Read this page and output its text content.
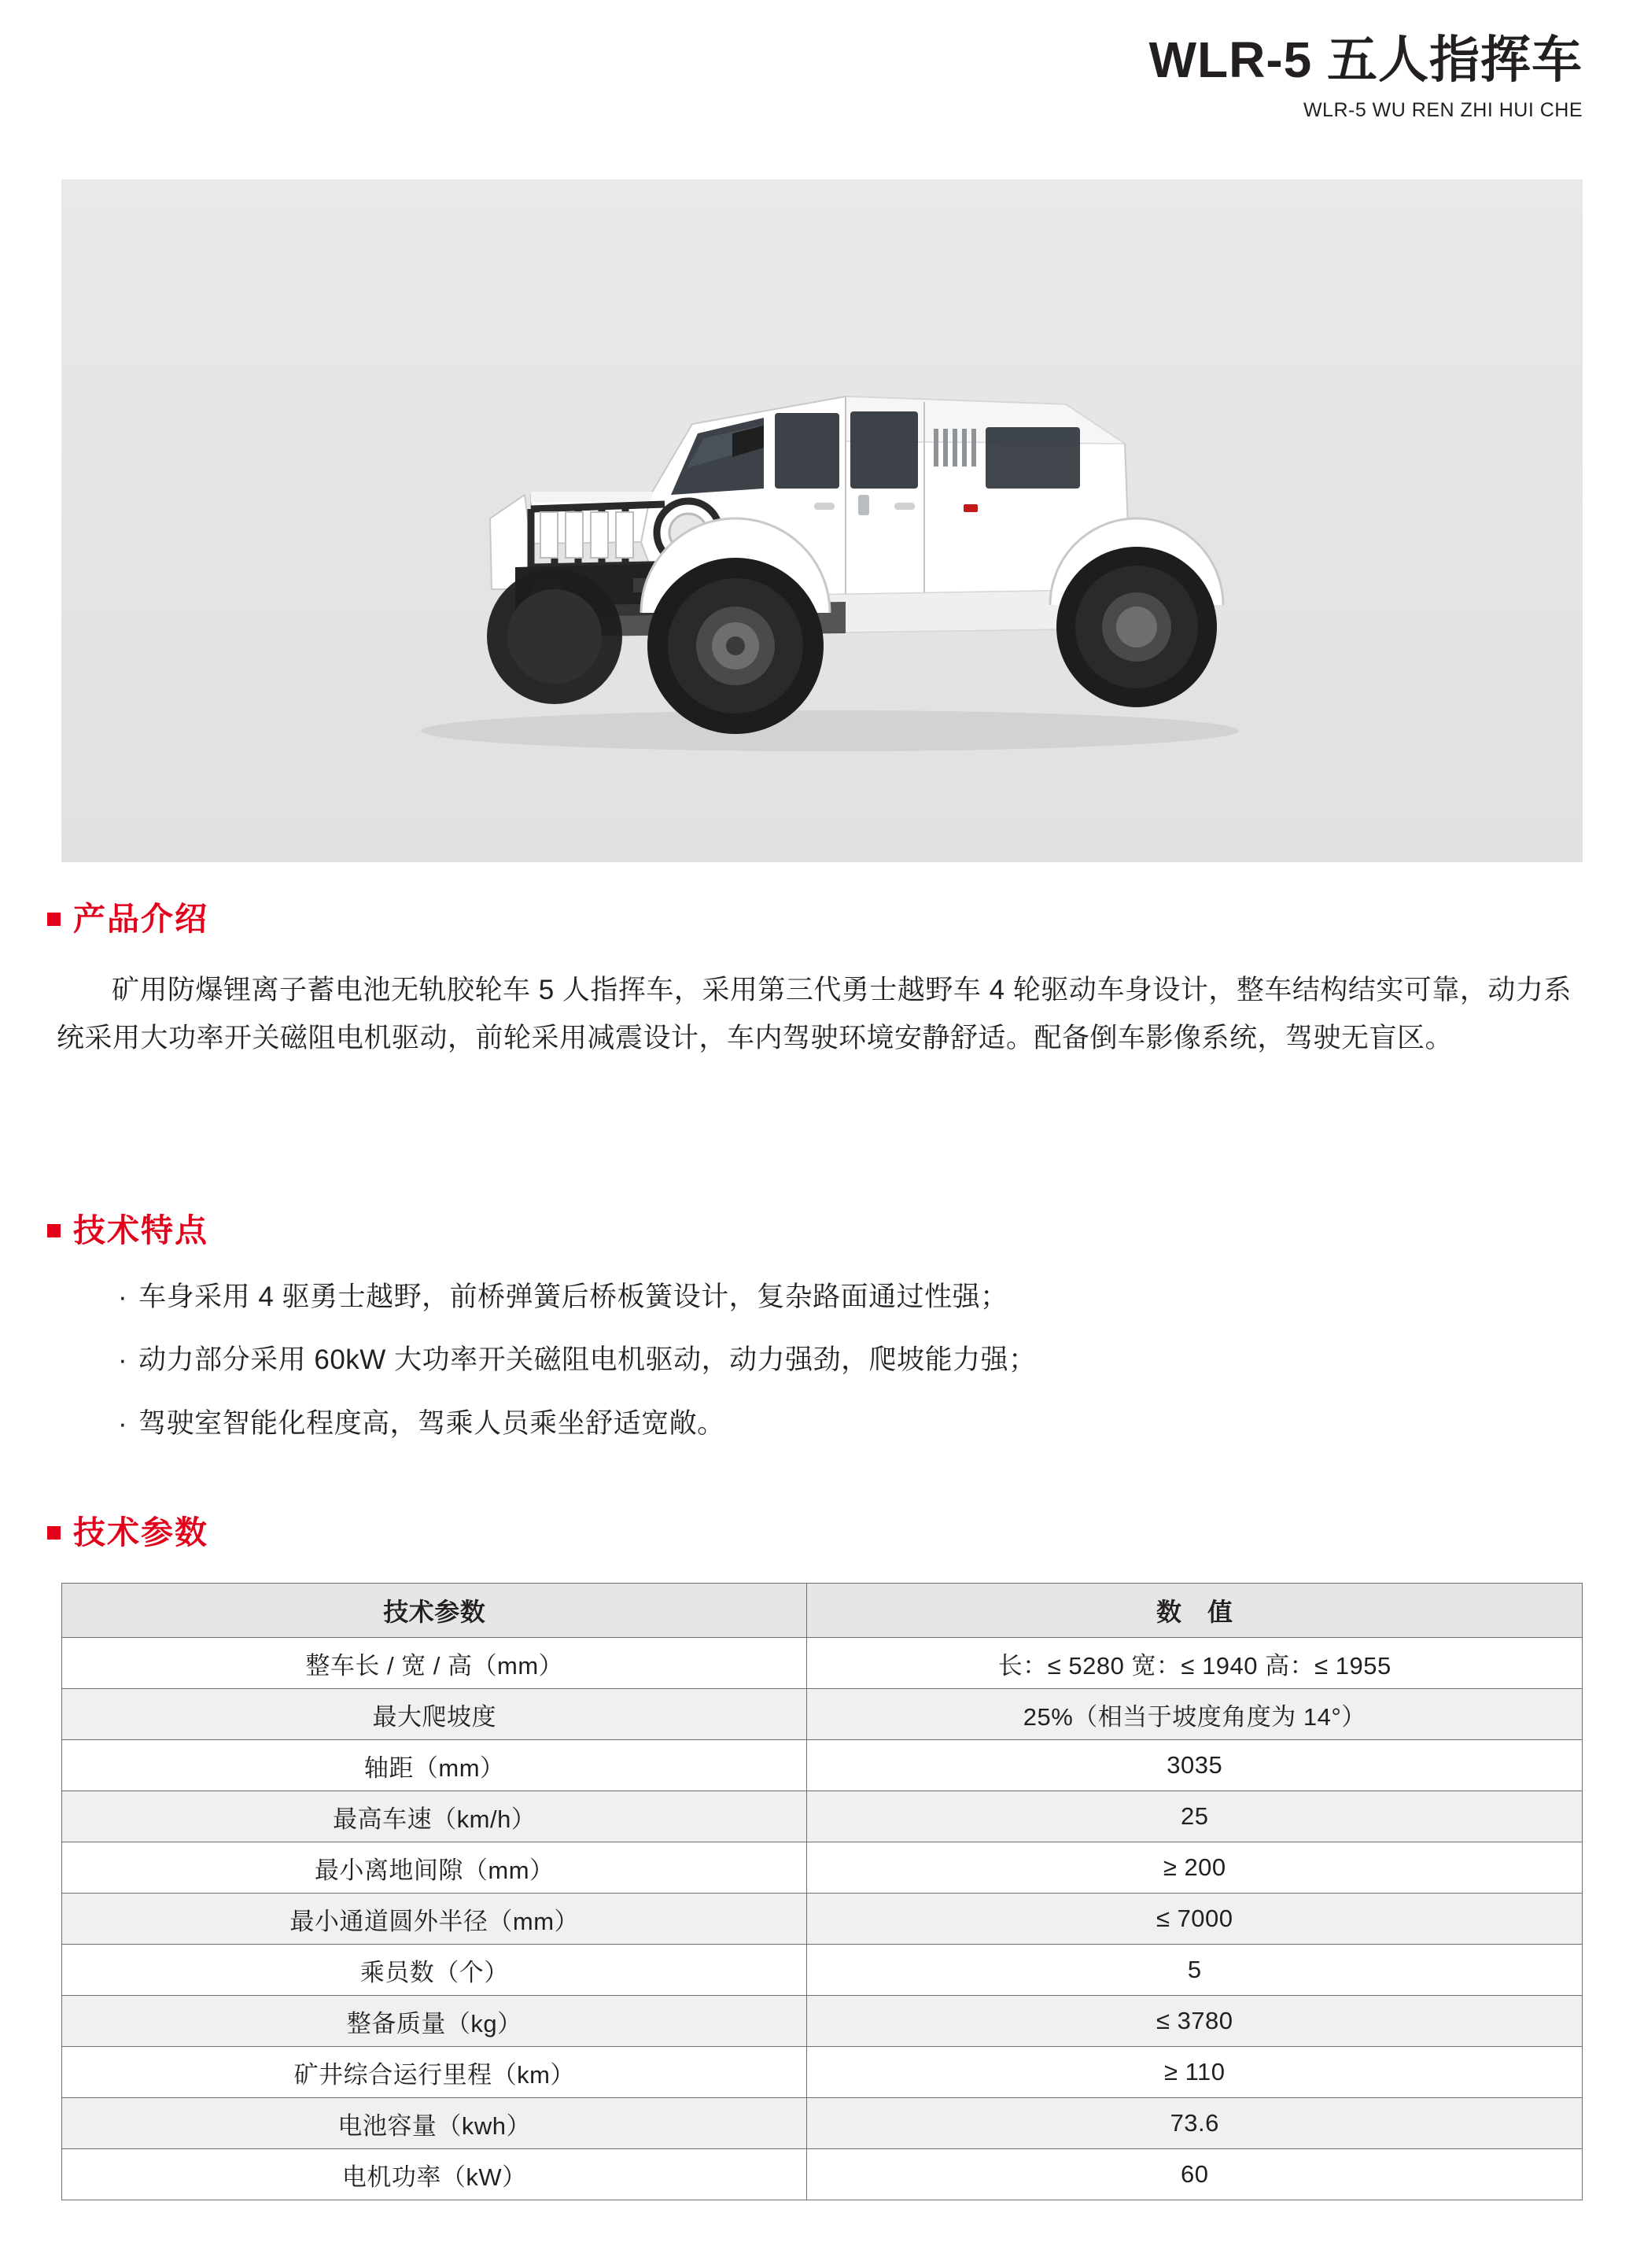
WLR-5 五人指挥车
WLR-5 WU REN ZHI HUI CHE
产品介绍
矿用防爆锂离子蓄电池无轨胶轮车 5 人指挥车，采用第三代勇士越野车 4 轮驱动车身设计，整车结构结实可靠，动力系统采用大功率开关磁阻电机驱动，前轮采用减震设计，车内驾驶环境安静舒适。配备倒车影像系统，驾驶无盲区。
技术特点
· 车身采用 4 驱勇士越野，前桥弹簧后桥板簧设计，复杂路面通过性强；
· 动力部分采用 60kW 大功率开关磁阻电机驱动，动力强劲，爬坡能力强；
· 驾驶室智能化程度高，驾乘人员乘坐舒适宽敞。
技术参数
技术参数	数　值
整车长 / 宽 / 高（mm）	长：≤ 5280 宽：≤ 1940 高：≤ 1955
最大爬坡度	25%（相当于坡度角度为 14°）
轴距（mm）	3035
最高车速（km/h）	25
最小离地间隙（mm）	≥ 200
最小通道圆外半径（mm）	≤ 7000
乘员数（个）	5
整备质量（kg）	≤ 3780
矿井综合运行里程（km）	≥ 110
电池容量（kwh）	73.6
电机功率（kW）	60
